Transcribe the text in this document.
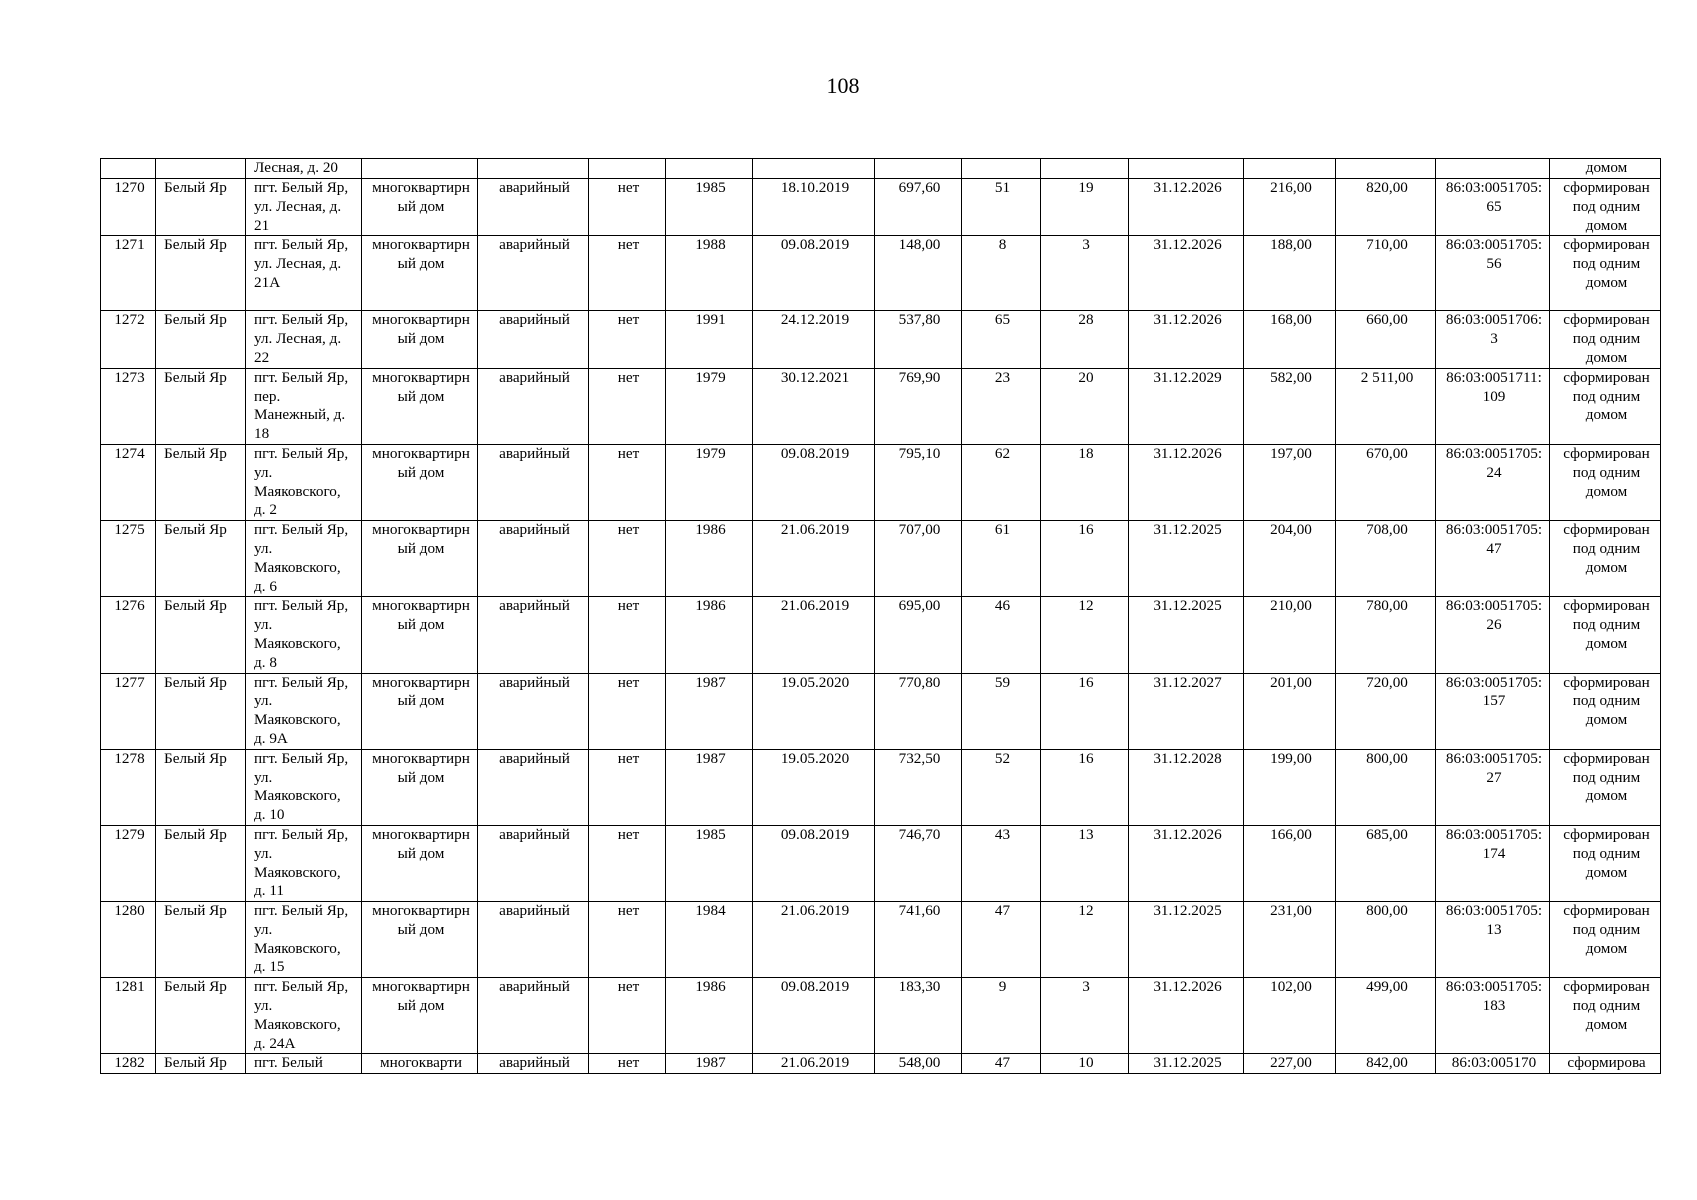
108
		Лесная, д. 20													домом
1270	Белый Яр	пгт. Белый Яр, ул. Лесная, д. 21	многоквартирный дом	аварийный	нет	1985	18.10.2019	697,60	51	19	31.12.2026	216,00	820,00	86:03:0051705:65	сформирован под одним домом
1271	Белый Яр	пгт. Белый Яр, ул. Лесная, д. 21А	многоквартирный дом	аварийный	нет	1988	09.08.2019	148,00	8	3	31.12.2026	188,00	710,00	86:03:0051705:56	сформирован под одним домом
1272	Белый Яр	пгт. Белый Яр, ул. Лесная, д. 22	многоквартирный дом	аварийный	нет	1991	24.12.2019	537,80	65	28	31.12.2026	168,00	660,00	86:03:0051706:3	сформирован под одним домом
1273	Белый Яр	пгт. Белый Яр, пер. Манежный, д. 18	многоквартирный дом	аварийный	нет	1979	30.12.2021	769,90	23	20	31.12.2029	582,00	2 511,00	86:03:0051711:109	сформирован под одним домом
1274	Белый Яр	пгт. Белый Яр, ул. Маяковского, д. 2	многоквартирный дом	аварийный	нет	1979	09.08.2019	795,10	62	18	31.12.2026	197,00	670,00	86:03:0051705:24	сформирован под одним домом
1275	Белый Яр	пгт. Белый Яр, ул. Маяковского, д. 6	многоквартирный дом	аварийный	нет	1986	21.06.2019	707,00	61	16	31.12.2025	204,00	708,00	86:03:0051705:47	сформирован под одним домом
1276	Белый Яр	пгт. Белый Яр, ул. Маяковского, д. 8	многоквартирный дом	аварийный	нет	1986	21.06.2019	695,00	46	12	31.12.2025	210,00	780,00	86:03:0051705:26	сформирован под одним домом
1277	Белый Яр	пгт. Белый Яр, ул. Маяковского, д. 9А	многоквартирный дом	аварийный	нет	1987	19.05.2020	770,80	59	16	31.12.2027	201,00	720,00	86:03:0051705:157	сформирован под одним домом
1278	Белый Яр	пгт. Белый Яр, ул. Маяковского, д. 10	многоквартирный дом	аварийный	нет	1987	19.05.2020	732,50	52	16	31.12.2028	199,00	800,00	86:03:0051705:27	сформирован под одним домом
1279	Белый Яр	пгт. Белый Яр, ул. Маяковского, д. 11	многоквартирный дом	аварийный	нет	1985	09.08.2019	746,70	43	13	31.12.2026	166,00	685,00	86:03:0051705:174	сформирован под одним домом
1280	Белый Яр	пгт. Белый Яр, ул. Маяковского, д. 15	многоквартирный дом	аварийный	нет	1984	21.06.2019	741,60	47	12	31.12.2025	231,00	800,00	86:03:0051705:13	сформирован под одним домом
1281	Белый Яр	пгт. Белый Яр, ул. Маяковского, д. 24А	многоквартирный дом	аварийный	нет	1986	09.08.2019	183,30	9	3	31.12.2026	102,00	499,00	86:03:0051705:183	сформирован под одним домом
1282	Белый Яр	пгт. Белый	многокварти	аварийный	нет	1987	21.06.2019	548,00	47	10	31.12.2025	227,00	842,00	86:03:005170	сформирова
